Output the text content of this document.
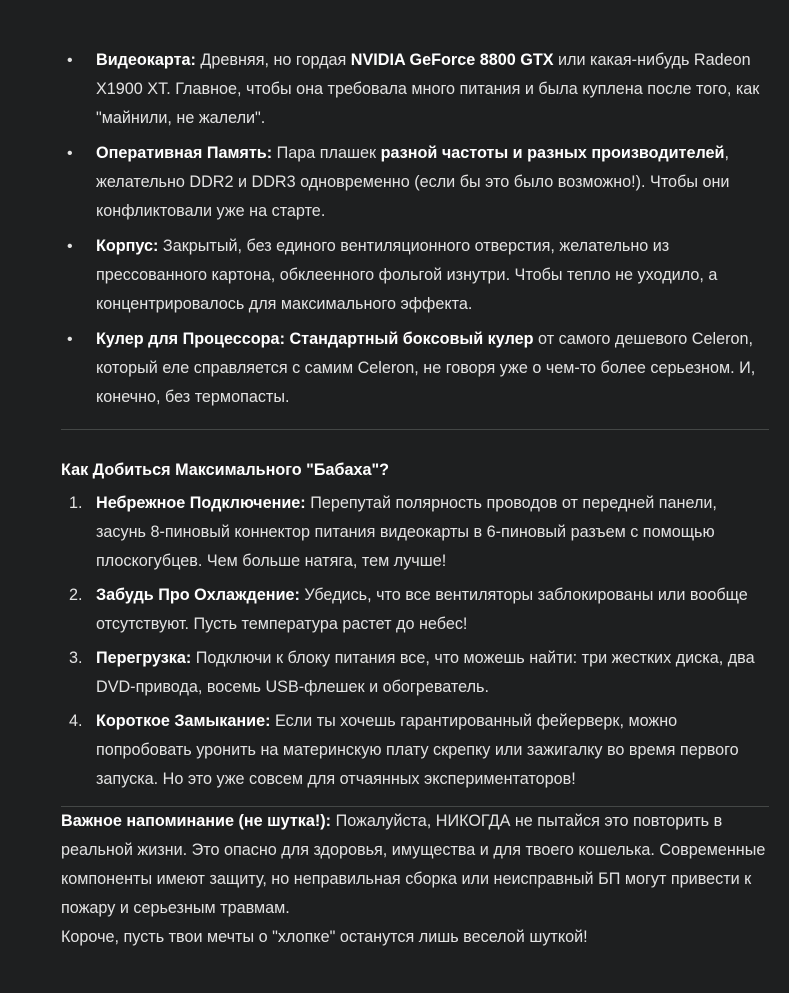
• Видеокарта: Древняя, но гордая NVIDIA GeForce 8800 GTX или какая-нибудь Radeon X1900 XT. Главное, чтобы она требовала много питания и была куплена после того, как "майнили, не жалели".
• Оперативная Память: Пара плашек разной частоты и разных производителей, желательно DDR2 и DDR3 одновременно (если бы это было возможно!). Чтобы они конфликтовали уже на старте.
• Корпус: Закрытый, без единого вентиляционного отверстия, желательно из прессованного картона, обклеенного фольгой изнутри. Чтобы тепло не уходило, а концентрировалось для максимального эффекта.
• Кулер для Процессора: Стандартный боксовый кулер от самого дешевого Celeron, который еле справляется с самим Celeron, не говоря уже о чем-то более серьезном. И, конечно, без термопасты.
Как Добиться Максимального "Бабаха"?
1. Небрежное Подключение: Перепутай полярность проводов от передней панели, засунь 8-пиновый коннектор питания видеокарты в 6-пиновый разъем с помощью плоскогубцев. Чем больше натяга, тем лучше!
2. Забудь Про Охлаждение: Убедись, что все вентиляторы заблокированы или вообще отсутствуют. Пусть температура растет до небес!
3. Перегрузка: Подключи к блоку питания все, что можешь найти: три жестких диска, два DVD-привода, восемь USB-флешек и обогреватель.
4. Короткое Замыкание: Если ты хочешь гарантированный фейерверк, можно попробовать уронить на материнскую плату скрепку или зажигалку во время первого запуска. Но это уже совсем для отчаянных экспериментаторов!

Важное напоминание (не шутка!): Пожалуйста, НИКОГДА не пытайся это повторить в реальной жизни. Это опасно для здоровья, имущества и для твоего кошелька. Современные компоненты имеют защиту, но неправильная сборка или неисправный БП могут привести к пожару и серьезным травмам.

Короче, пусть твои мечты о "хлопке" останутся лишь веселой шуткой!
